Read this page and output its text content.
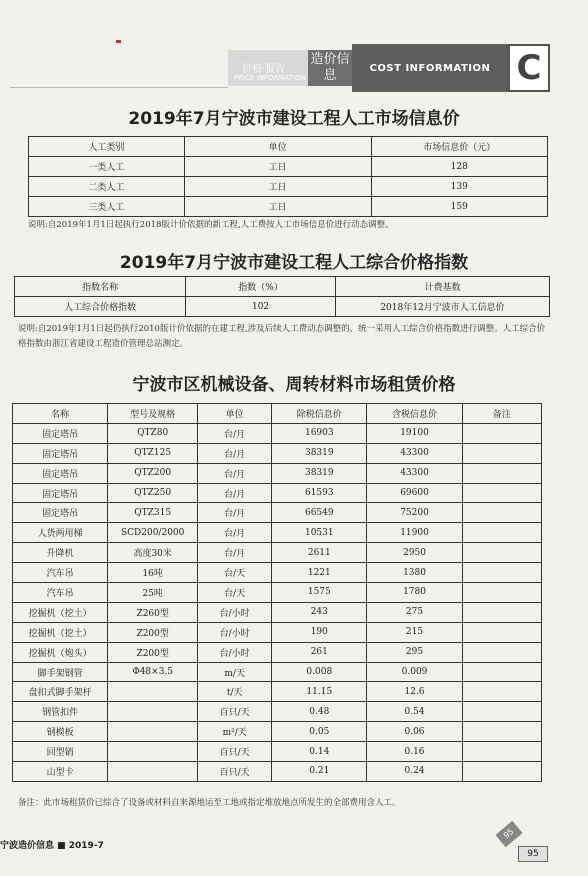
价格·报告
PRICE INFORMATION
造价信息	COST INFORMATION C
2019年7月宁波市建设工程人工市场信息价
人工类别	单位	市场信息价（元）
一类人工	工日	128
二类人工	工日	139
三类人工	工日	159
说明:自2019年1月1日起执行2018版计价依据的新工程,人工费按人工市场信息价进行动态调整。
2019年7月宁波市建设工程人工综合价格指数
指数名称	指数（%）	计费基数
人工综合价格指数	102	2018年12月宁波市人工信息价
说明:自2019年1月1日起仍执行2010版计价依据的在建工程,涉及后续人工费动态调整的，统一采用人工综合价格指数进行调整。人工综合价格指数由浙江省建设工程造价管理总站测定。
宁波市区机械设备、周转材料市场租赁价格
名称	型号及规格	单位	除税信息价	含税信息价	备注
固定塔吊	QTZ80	台/月	16903	19100	
固定塔吊	QTZ125	台/月	38319	43300	
固定塔吊	QTZ200	台/月	38319	43300	
固定塔吊	QTZ250	台/月	61593	69600	
固定塔吊	QTZ315	台/月	66549	75200	
人货两用梯	SCD200/2000	台/月	10531	11900	
升降机	高度30米	台/月	2611	2950	
汽车吊	16吨	台/天	1221	1380	
汽车吊	25吨	台/天	1575	1780	
挖掘机（挖土）	Z260型	台/小时	243	275	
挖掘机（挖土）	Z200型	台/小时	190	215	
挖掘机（炮头）	Z200型	台/小时	261	295	
脚手架钢管	Φ48×3.5	m/天	0.008	0.009	
盘扣式脚手架杆		t/天	11.15	12.6	
钢管扣件		百只/天	0.48	0.54	
钢模板		m²/天	0.05	0.06	
回型销		百只/天	0.14	0.16	
山型卡		百只/天	0.21	0.24	
备注：此市场租赁价已综合了设备或材料自来源地运至工地或指定堆放地点所发生的全部费用含人工。
宁波造价信息 ■ 2019-7
95
95
